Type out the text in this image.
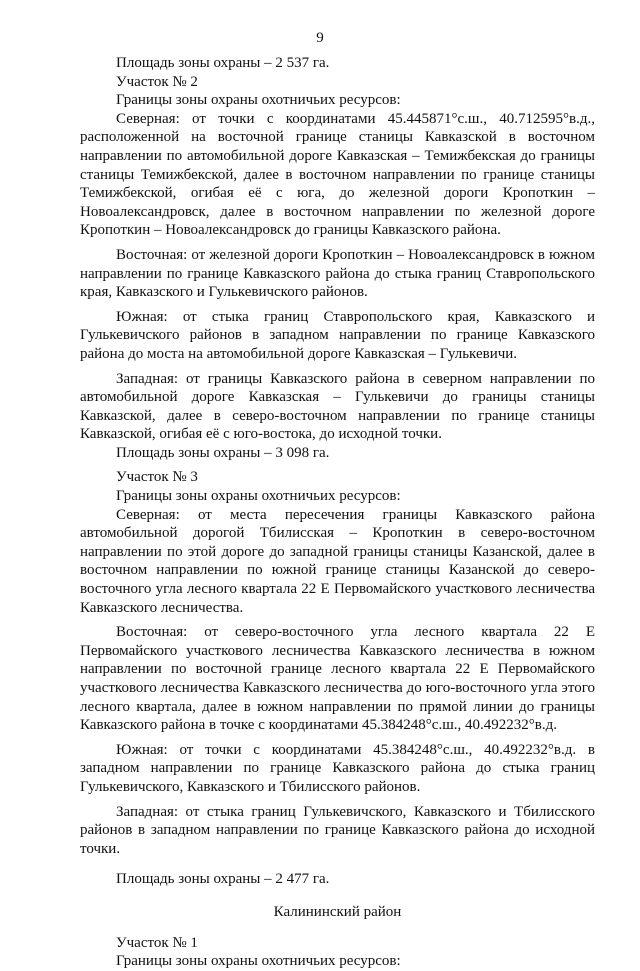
9

Площадь зоны охраны – 2 537 га.

Участок № 2

Границы зоны охраны охотничьих ресурсов:

Северная: от точки с координатами 45.445871°с.ш., 40.712595°в.д., расположенной на восточной границе станицы Кавказской в восточном направлении по автомобильной дороге Кавказская – Темижбекская до границы станицы Темижбекской, далее в восточном направлении по границе станицы Темижбекской, огибая её с юга, до железной дороги Кропоткин – Новоалександровск, далее в восточном направлении по железной дороге Кропоткин – Новоалександровск до границы Кавказского района.

Восточная: от железной дороги Кропоткин – Новоалександровск в южном направлении по границе Кавказского района до стыка границ Ставропольского края, Кавказского и Гулькевичского районов.

Южная: от стыка границ Ставропольского края, Кавказского и Гулькевичского районов в западном направлении по границе Кавказского района до моста на автомобильной дороге Кавказская – Гулькевичи.

Западная: от границы Кавказского района в северном направлении по автомобильной дороге Кавказская – Гулькевичи до границы станицы Кавказской, далее в северо-восточном направлении по границе станицы Кавказской, огибая её с юго-востока, до исходной точки.

Площадь зоны охраны – 3 098 га.

Участок № 3

Границы зоны охраны охотничьих ресурсов:

Северная: от места пересечения границы Кавказского района автомобильной дорогой Тбилисская – Кропоткин в северо-восточном направлении по этой дороге до западной границы станицы Казанской, далее в восточном направлении по южной границе станицы Казанской до северо-восточного угла лесного квартала 22 Е Первомайского участкового лесничества Кавказского лесничества.

Восточная: от северо-восточного угла лесного квартала 22 Е Первомайского участкового лесничества Кавказского лесничества в южном направлении по восточной границе лесного квартала 22 Е Первомайского участкового лесничества Кавказского лесничества до юго-восточного угла этого лесного квартала, далее в южном направлении по прямой линии до границы Кавказского района в точке с координатами 45.384248°с.ш., 40.492232°в.д.

Южная: от точки с координатами 45.384248°с.ш., 40.492232°в.д. в западном направлении по границе Кавказского района до стыка границ Гулькевичского, Кавказского и Тбилисского районов.

Западная: от стыка границ Гулькевичского, Кавказского и Тбилисского районов в западном направлении по границе Кавказского района до исходной точки.

Площадь зоны охраны – 2 477 га.

Калининский район

Участок № 1

Границы зоны охраны охотничьих ресурсов:
